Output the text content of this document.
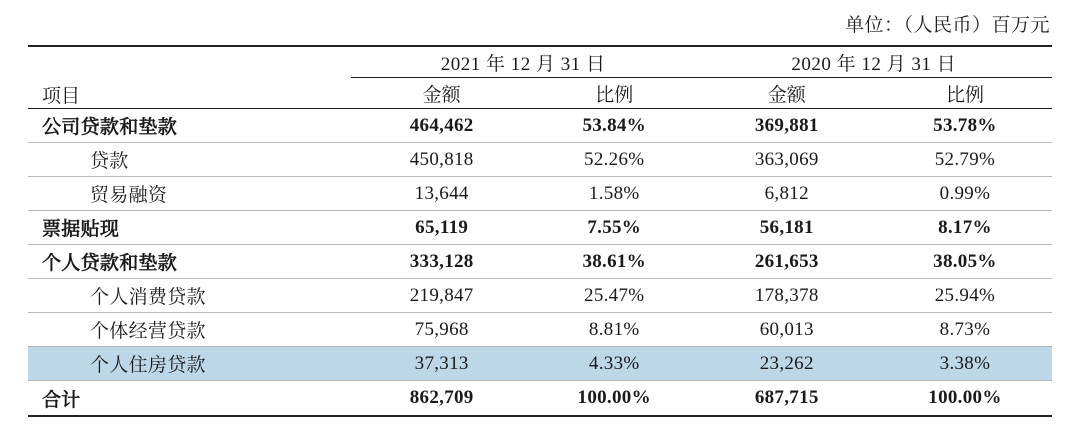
单位：（人民币）百万元
项目	2021 年 12 月 31 日		2020 年 12 月 31 日	
	金额	比例	金额	比例
公司贷款和垫款	464,462	53.84%	369,881	53.78%
贷款	450,818	52.26%	363,069	52.79%
贸易融资	13,644	1.58%	6,812	0.99%
票据贴现	65,119	7.55%	56,181	8.17%
个人贷款和垫款	333,128	38.61%	261,653	38.05%
个人消费贷款	219,847	25.47%	178,378	25.94%
个体经营贷款	75,968	8.81%	60,013	8.73%
个人住房贷款	37,313	4.33%	23,262	3.38%
合计	862,709	100.00%	687,715	100.00%
